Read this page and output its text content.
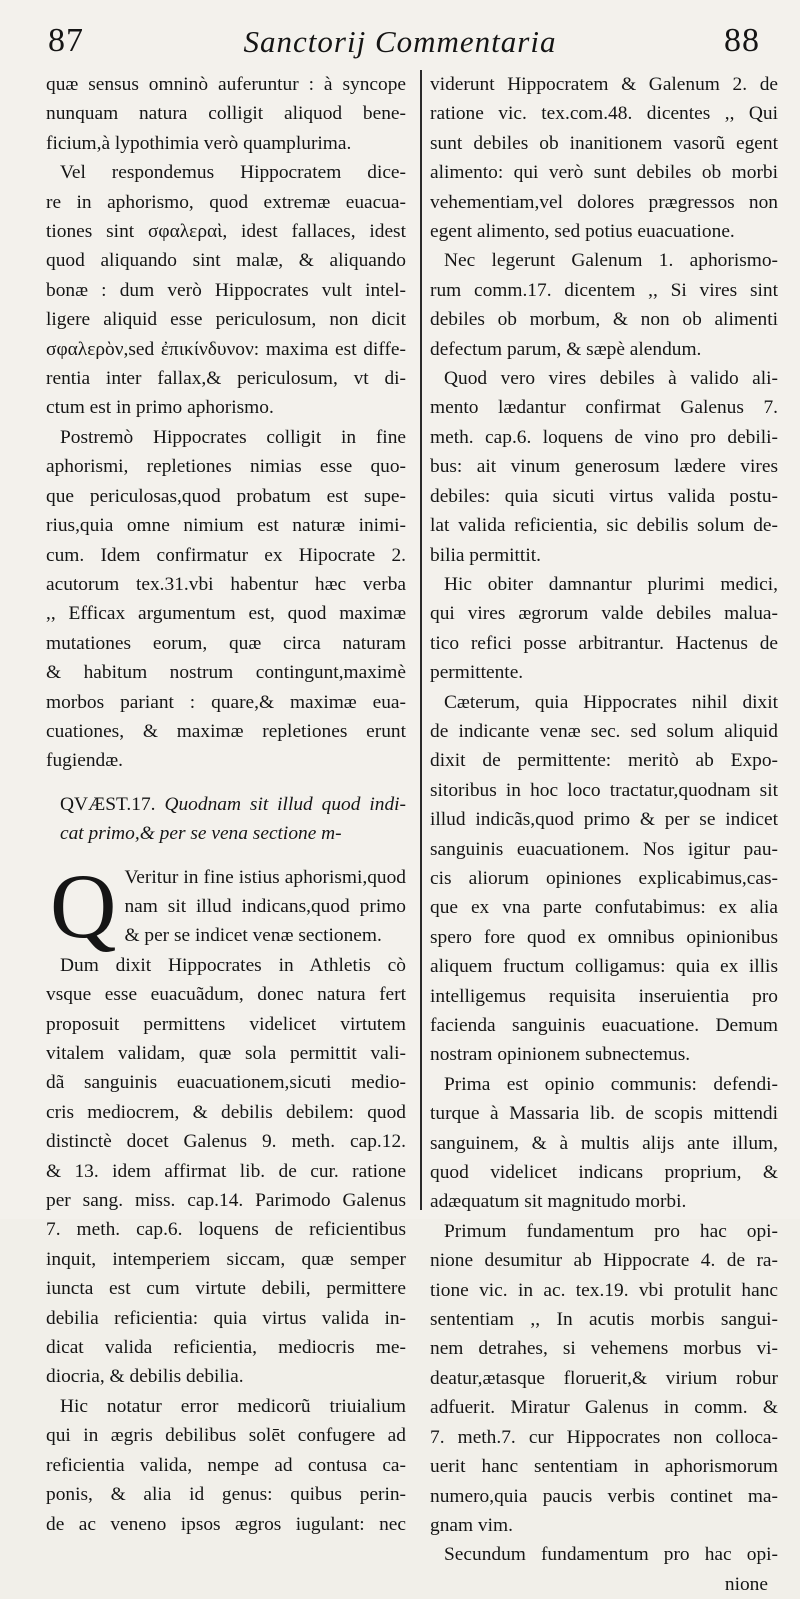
87	Sanctorij Commentaria	88
quæ sensus omninò auferuntur : à syncope
nunquam natura colligit aliquod bene-
ficium,à lypothimia verò quamplurima.
Vel respondemus Hippocratem dice-
re in aphorismo, quod extremæ euacua-
tiones sint σφαλεραὶ, idest fallaces, idest
quod aliquando sint malæ, & aliquando
bonæ : dum verò Hippocrates vult intel-
ligere aliquid esse periculosum, non dicit
σφαλερὸν,sed ἐπικίνδυνον: maxima est diffe-
rentia inter fallax,& periculosum, vt di-
ctum est in primo aphorismo.
Postremò Hippocrates colligit in fine
aphorismi, repletiones nimias esse quo-
que periculosas,quod probatum est supe-
rius,quia omne nimium est naturæ inimi-
cum. Idem confirmatur ex Hipocrate 2.
acutorum tex.31.vbi habentur hæc verba
,, Efficax argumentum est, quod maximæ
mutationes eorum, quæ circa naturam
& habitum nostrum contingunt,maximè
morbos pariant : quare,& maximæ eua-
cuationes, & maximæ repletiones erunt
fugiendæ.
QVÆST.17. Quodnam sit illud quod indi-
cat primo,& per se vena sectione m-
Q Veritur in fine istius aphorismi,quod
nam sit illud indicans,quod primo
& per se indicet venæ sectionem.
Dum dixit Hippocrates in Athletis cò
vsque esse euacuãdum, donec natura fert
proposuit permittens videlicet virtutem
vitalem validam, quæ sola permittit vali-
dã sanguinis euacuationem,sicuti medio-
cris mediocrem, & debilis debilem: quod
distinctè docet Galenus 9. meth. cap.12.
& 13. idem affirmat lib. de cur. ratione
per sang. miss. cap.14. Parimodo Galenus
7. meth. cap.6. loquens de reficientibus
inquit, intemperiem siccam, quæ semper
iuncta est cum virtute debili, permittere
debilia reficientia: quia virtus valida in-
dicat valida reficientia, mediocris me-
diocria, & debilis debilia.
Hic notatur error medicorũ triuialium
qui in ægris debilibus solēt confugere ad
reficientia valida, nempe ad contusa ca-
ponis, & alia id genus: quibus perin-
de ac veneno ipsos ægros iugulant: nec
viderunt Hippocratem & Galenum 2. de
ratione vic. tex.com.48. dicentes ,, Qui
sunt debiles ob inanitionem vasorũ egent
alimento: qui verò sunt debiles ob morbi
vehementiam,vel dolores prægressos non
egent alimento, sed potius euacuatione.
Nec legerunt Galenum 1. aphorismo-
rum comm.17. dicentem ,, Si vires sint
debiles ob morbum, & non ob alimenti
defectum parum, & sæpè alendum.
Quod vero vires debiles à valido ali-
mento lædantur confirmat Galenus 7.
meth. cap.6. loquens de vino pro debili-
bus: ait vinum generosum lædere vires
debiles: quia sicuti virtus valida postu-
lat valida reficientia, sic debilis solum de-
bilia permittit.
Hic obiter damnantur plurimi medici,
qui vires ægrorum valde debiles malua-
tico refici posse arbitrantur. Hactenus de
permittente.
Cæterum, quia Hippocrates nihil dixit
de indicante venæ sec. sed solum aliquid
dixit de permittente: meritò ab Expo-
sitoribus in hoc loco tractatur,quodnam sit
illud indicãs,quod primo & per se indicet
sanguinis euacuationem. Nos igitur pau-
cis aliorum opiniones explicabimus,cas-
que ex vna parte confutabimus: ex alia
spero fore quod ex omnibus opinionibus
aliquem fructum colligamus: quia ex illis
intelligemus requisita inseruientia pro
facienda sanguinis euacuatione. Demum
nostram opinionem subnectemus.
Prima est opinio communis: defendi-
turque à Massaria lib. de scopis mittendi
sanguinem, & à multis alijs ante illum,
quod videlicet indicans proprium, &
adæquatum sit magnitudo morbi.
Primum fundamentum pro hac opi-
nione desumitur ab Hippocrate 4. de ra-
tione vic. in ac. tex.19. vbi protulit hanc
sententiam ,, In acutis morbis sangui-
nem detrahes, si vehemens morbus vi-
deatur,ætasque floruerit,& virium robur
adfuerit. Miratur Galenus in comm. &
7. meth.7. cur Hippocrates non colloca-
uerit hanc sententiam in aphorismorum
numero,quia paucis verbis continet ma-
gnam vim.
Secundum fundamentum pro hac opi-
nione
